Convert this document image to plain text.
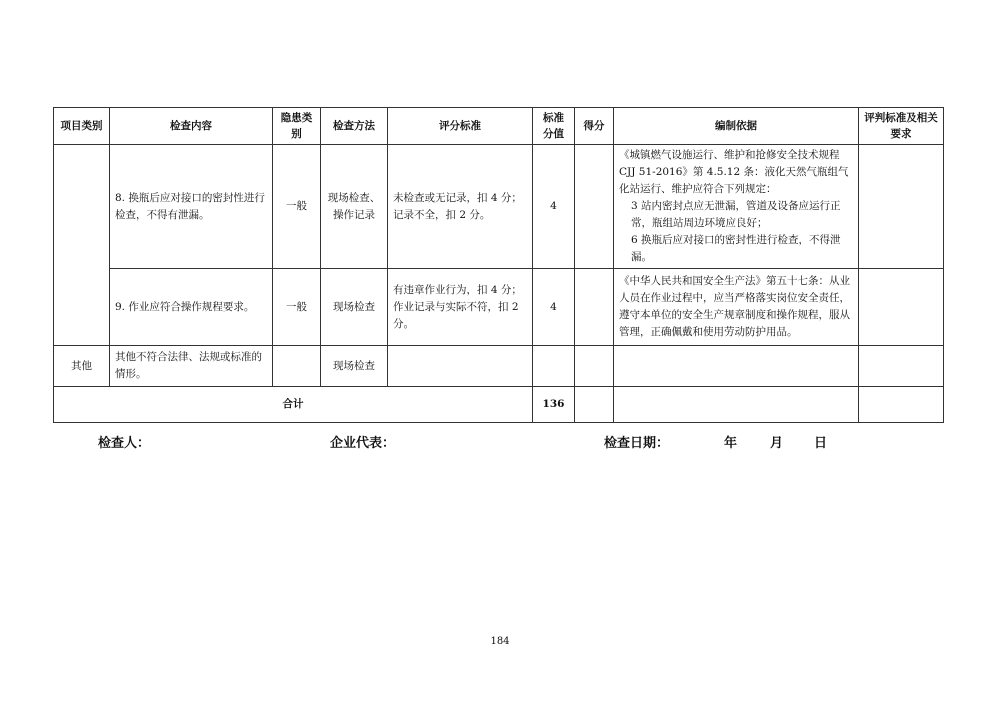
项目类别	检查内容	隐患类别	检查方法	评分标准	标准分值	得分	编制依据	评判标准及相关要求
	8. 换瓶后应对接口的密封性进行检查，不得有泄漏。	一般	现场检查、操作记录	未检查或无记录，扣 4 分；记录不全，扣 2 分。	4		《城镇燃气设施运行、维护和抢修安全技术规程 CJJ 51-2016》第 4.5.12 条：液化天然气瓶组气化站运行、维护应符合下列规定：
3 站内密封点应无泄漏，管道及设备应运行正常，瓶组站周边环境应良好；
6 换瓶后应对接口的密封性进行检查，不得泄漏。	

	9. 作业应符合操作规程要求。	一般	现场检查	有违章作业行为，扣 4 分；作业记录与实际不符，扣 2 分。	4		《中华人民共和国安全生产法》第五十七条：从业人员在作业过程中，应当严格落实岗位安全责任，遵守本单位的安全生产规章制度和操作规程，服从管理，正确佩戴和使用劳动防护用品。	

其他	其他不符合法律、法规或标准的情形。		现场检查					
合计					136			
检查人：	企业代表：	检查日期：	年	月 日
184
